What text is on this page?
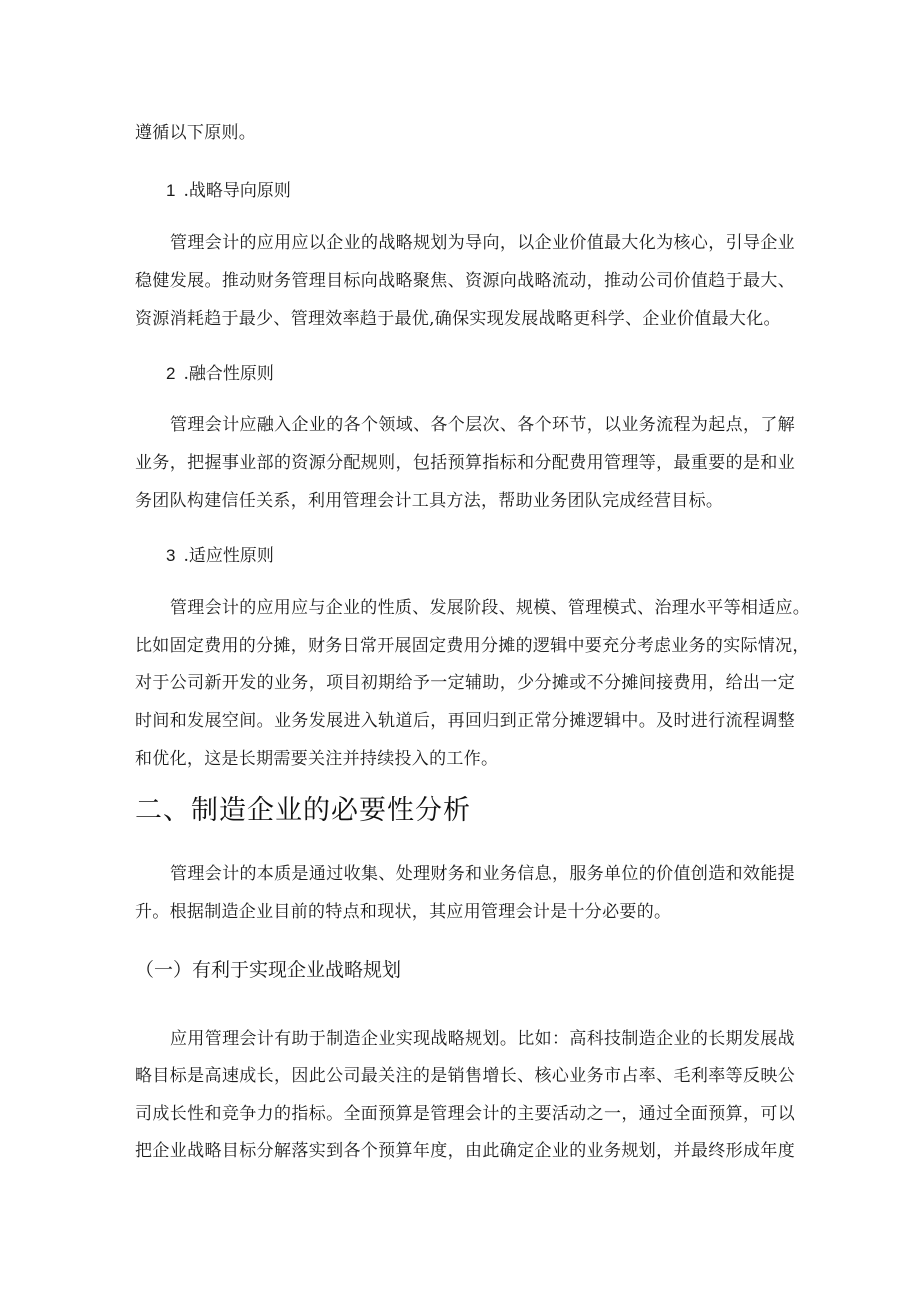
遵循以下原则。
1 .战略导向原则
管理会计的应用应以企业的战略规划为导向，以企业价值最大化为核心，引导企业
稳健发展。推动财务管理目标向战略聚焦、资源向战略流动，推动公司价值趋于最大、
资源消耗趋于最少、管理效率趋于最优,确保实现发展战略更科学、企业价值最大化。
2 .融合性原则
管理会计应融入企业的各个领域、各个层次、各个环节，以业务流程为起点，了解
业务，把握事业部的资源分配规则，包括预算指标和分配费用管理等，最重要的是和业
务团队构建信任关系，利用管理会计工具方法，帮助业务团队完成经营目标。
3 .适应性原则
管理会计的应用应与企业的性质、发展阶段、规模、管理模式、治理水平等相适应。
比如固定费用的分摊，财务日常开展固定费用分摊的逻辑中要充分考虑业务的实际情况，
对于公司新开发的业务，项目初期给予一定辅助，少分摊或不分摊间接费用，给出一定
时间和发展空间。业务发展进入轨道后，再回归到正常分摊逻辑中。及时进行流程调整
和优化，这是长期需要关注并持续投入的工作。
二、制造企业的必要性分析
管理会计的本质是通过收集、处理财务和业务信息，服务单位的价值创造和效能提
升。根据制造企业目前的特点和现状，其应用管理会计是十分必要的。
（一）有利于实现企业战略规划
应用管理会计有助于制造企业实现战略规划。比如：高科技制造企业的长期发展战
略目标是高速成长，因此公司最关注的是销售增长、核心业务市占率、毛利率等反映公
司成长性和竞争力的指标。全面预算是管理会计的主要活动之一，通过全面预算，可以
把企业战略目标分解落实到各个预算年度，由此确定企业的业务规划，并最终形成年度
